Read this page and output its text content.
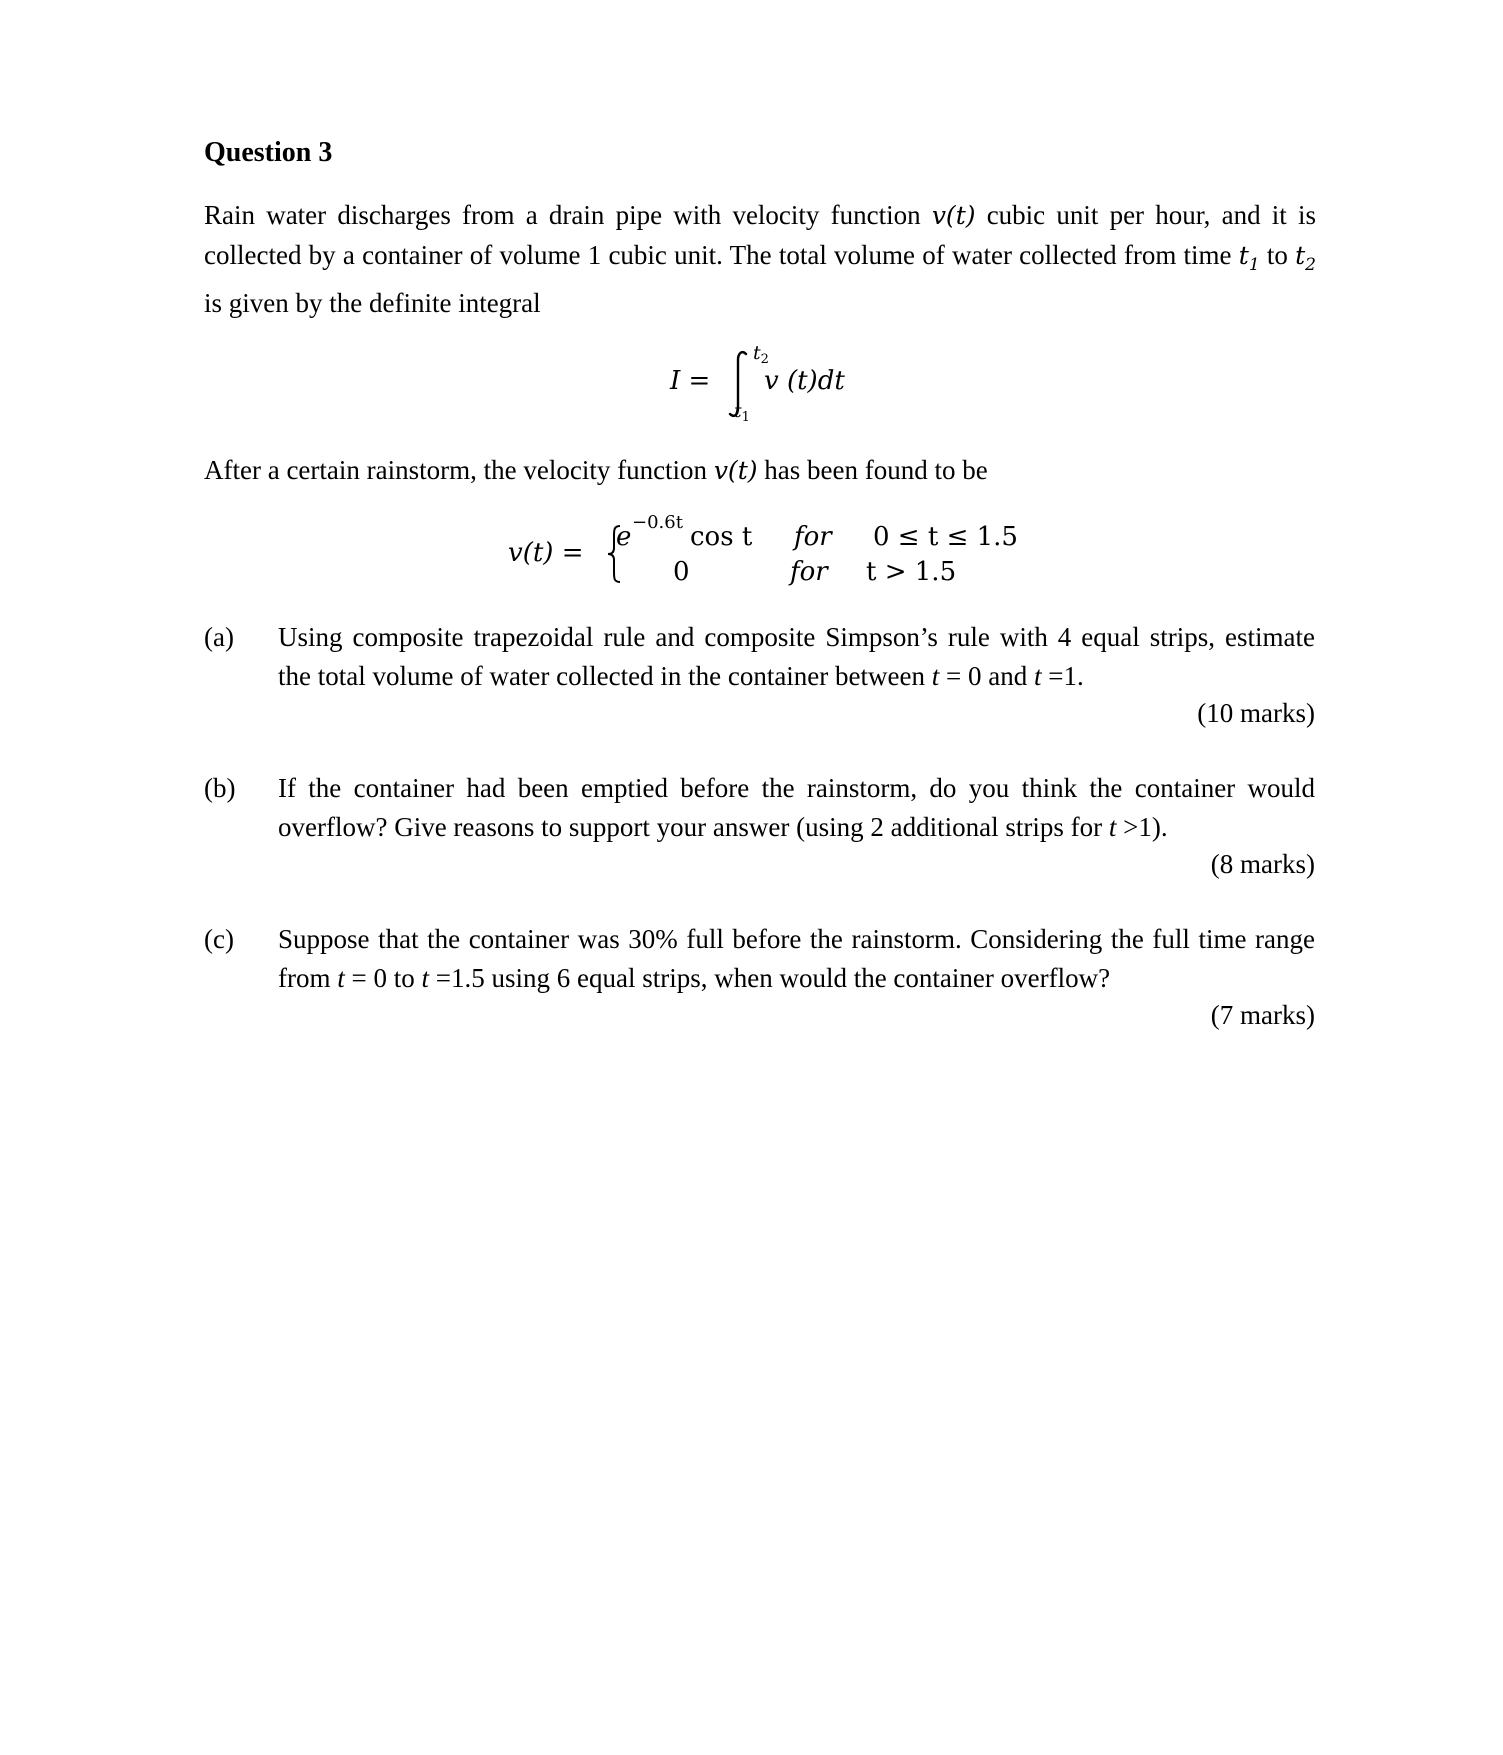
Question 3
Rain water discharges from a drain pipe with velocity function v(t) cubic unit per hour, and it is collected by a container of volume 1 cubic unit. The total volume of water collected from time $t_1$ to $t_2$ is given by the definite integral
I =
$t_2$
$t_1$
v (t)dt
After a certain rainstorm, the velocity function v(t) has been found to be
v(t) =
e −0.6t cos t for 0 ≤ t ≤ 1.5
0	for t > 1.5
(a) Using composite trapezoidal rule and composite Simpson’s rule with 4 equal strips, estimate the total volume of water collected in the container between t = 0 and t =1.
(10 marks)
(b) If the container had been emptied before the rainstorm, do you think the container would overflow? Give reasons to support your answer (using 2 additional strips for t >1).
(8 marks)
(c) Suppose that the container was 30% full before the rainstorm. Considering the full time range from t = 0 to t =1.5 using 6 equal strips, when would the container overflow?
(7 marks)
